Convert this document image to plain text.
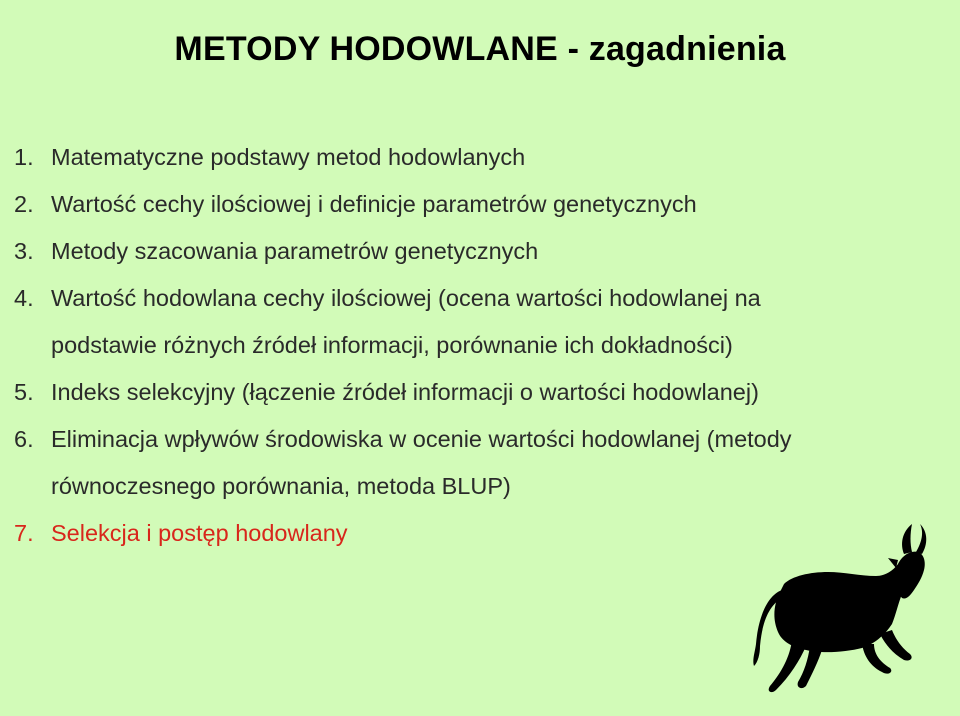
METODY HODOWLANE - zagadnienia
1. Matematyczne podstawy metod hodowlanych
2. Wartość cechy ilościowej i definicje parametrów genetycznych
3. Metody szacowania parametrów genetycznych
4. Wartość hodowlana cechy ilościowej (ocena wartości hodowlanej na
podstawie różnych źródeł informacji, porównanie ich dokładności)
5. Indeks selekcyjny (łączenie źródeł informacji o wartości hodowlanej)
6. Eliminacja wpływów środowiska w ocenie wartości hodowlanej (metody
równoczesnego porównania, metoda BLUP)
7. Selekcja i postęp hodowlany
